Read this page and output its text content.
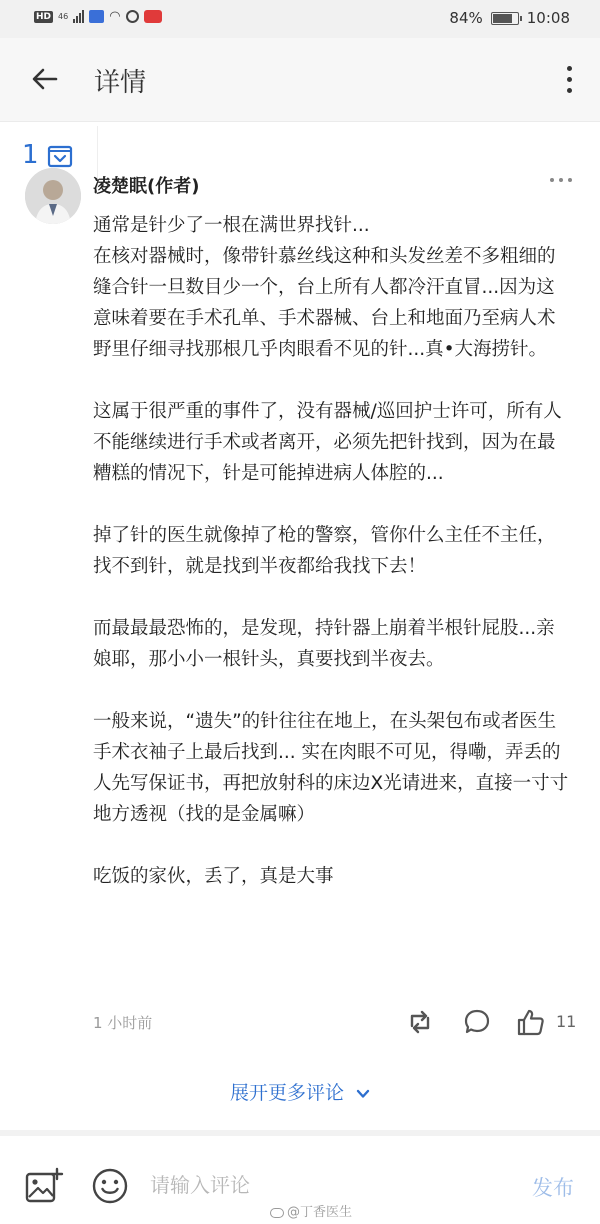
HD 46	◠	84%	10:08
详情
1
凌楚眠(作者)

通常是针少了一根在满世界找针...
在核对器械时，像带针慕丝线这种和头发丝差不多粗细的缝合针一旦数目少一个，台上所有人都冷汗直冒...因为这意味着要在手术孔单、手术器械、台上和地面乃至病人术野里仔细寻找那根几乎肉眼看不见的针...真•大海捞针。

这属于很严重的事件了，没有器械/巡回护士许可，所有人不能继续进行手术或者离开，必须先把针找到，因为在最糟糕的情况下，针是可能掉进病人体腔的...

掉了针的医生就像掉了枪的警察，管你什么主任不主任，找不到针，就是找到半夜都给我找下去！

而最最最恐怖的，是发现，持针器上崩着半根针屁股...亲娘耶，那小小一根针头，真要找到半夜去。

一般来说，“遗失”的针往往在地上，在头架包布或者医生手术衣袖子上最后找到... 实在肉眼不可见，得嘞，弄丢的人先写保证书，再把放射科的床边X光请进来，直接一寸寸地方透视（找的是金属嘛）

吃饭的家伙，丢了，真是大事

1 小时前	11
展开更多评论
请输入评论
发布
@丁香医生
